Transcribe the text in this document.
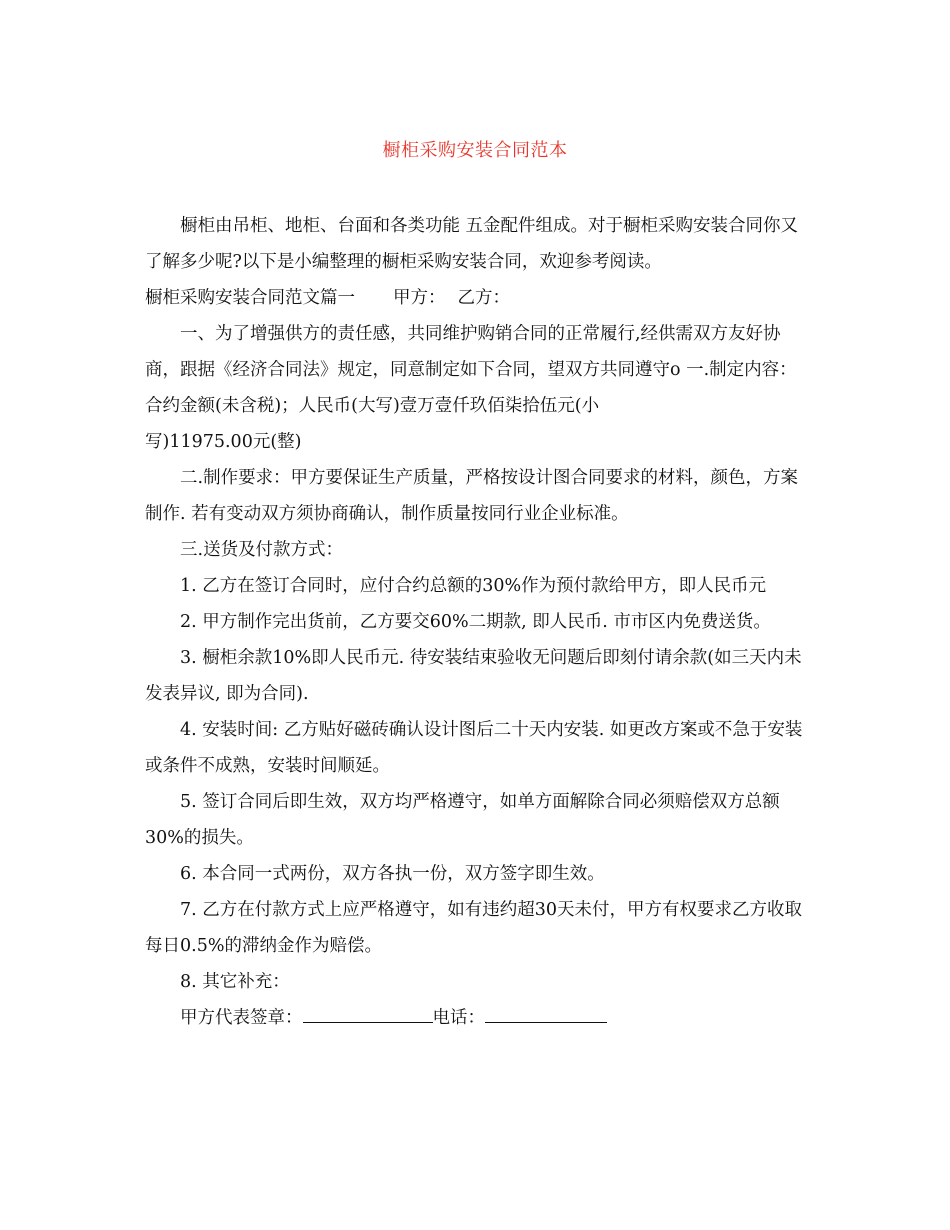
橱柜采购安装合同范本

橱柜由吊柜、地柜、台面和各类功能 五金配件组成。对于橱柜采购安装合同你又了解多少呢?以下是小编整理的橱柜采购安装合同，欢迎参考阅读。

橱柜采购安装合同范文篇一 甲方： 乙方：

一、为了增强供方的责任感，共同维护购销合同的正常履行,经供需双方友好协商，跟据《经济合同法》规定，同意制定如下合同，望双方共同遵守o 一.制定内容：合约金额(未含税)；人民币(大写)壹万壹仟玖佰柒拾伍元(小

写)11975.00元(整)

二.制作要求：甲方要保证生产质量，严格按设计图合同要求的材料，颜色，方案制作. 若有变动双方须协商确认，制作质量按同行业企业标准。

三.送货及付款方式：

1. 乙方在签订合同时，应付合约总额的30%作为预付款给甲方，即人民币元

2. 甲方制作完出货前，乙方要交60%二期款, 即人民币. 市市区内免费送货。

3. 橱柜余款10%即人民币元. 待安装结束验收无问题后即刻付请余款(如三天内未发表异议, 即为合同).

4. 安装时间: 乙方贴好磁砖确认设计图后二十天内安装. 如更改方案或不急于安装或条件不成熟，安装时间顺延。

5. 签订合同后即生效，双方均严格遵守，如单方面解除合同必须赔偿双方总额30%的损失。

6. 本合同一式两份，双方各执一份，双方签字即生效。

7. 乙方在付款方式上应严格遵守，如有违约超30天未付，甲方有权要求乙方收取每日0.5%的滞纳金作为赔偿。

8. 其它补充：

甲方代表签章：	电话：
